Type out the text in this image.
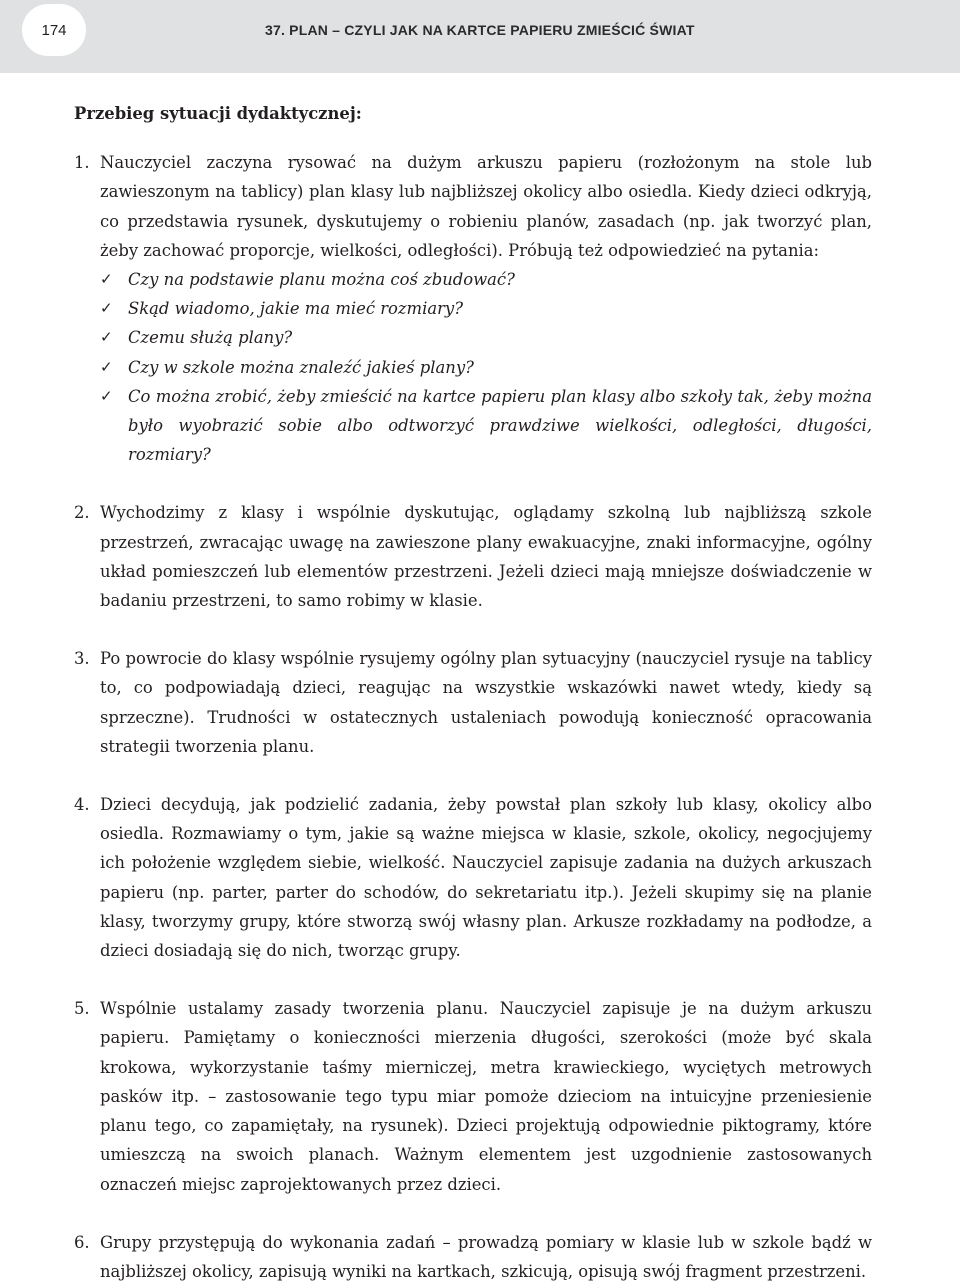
174	37. PLAN – CZYLI JAK NA KARTCE PAPIERU ZMIEŚCIĆ ŚWIAT
Przebieg sytuacji dydaktycznej:
1. Nauczyciel zaczyna rysować na dużym arkuszu papieru (rozłożonym na stole lub zawieszonym na tablicy) plan klasy lub najbliższej okolicy albo osiedla. Kiedy dzieci odkryją, co przedstawia rysunek, dyskutujemy o robieniu planów, zasadach (np. jak tworzyć plan, żeby zachować proporcje, wielkości, odległości). Próbują też odpowiedzieć na pytania:
✓ Czy na podstawie planu można coś zbudować?
✓ Skąd wiadomo, jakie ma mieć rozmiary?
✓ Czemu służą plany?
✓ Czy w szkole można znaleźć jakieś plany?
✓ Co można zrobić, żeby zmieścić na kartce papieru plan klasy albo szkoły tak, żeby można było wyobrazić sobie albo odtworzyć prawdziwe wielkości, odległości, długości, rozmiary?
2. Wychodzimy z klasy i wspólnie dyskutując, oglądamy szkolną lub najbliższą szkole przestrzeń, zwracając uwagę na zawieszone plany ewakuacyjne, znaki informacyjne, ogólny układ pomieszczeń lub elementów przestrzeni. Jeżeli dzieci mają mniejsze doświadczenie w badaniu przestrzeni, to samo robimy w klasie.
3. Po powrocie do klasy wspólnie rysujemy ogólny plan sytuacyjny (nauczyciel rysuje na tablicy to, co podpowiadają dzieci, reagując na wszystkie wskazówki nawet wtedy, kiedy są sprzeczne). Trudności w ostatecznych ustaleniach powodują konieczność opracowania strategii tworzenia planu.
4. Dzieci decydują, jak podzielić zadania, żeby powstał plan szkoły lub klasy, okolicy albo osiedla. Rozmawiamy o tym, jakie są ważne miejsca w klasie, szkole, okolicy, negocjujemy ich położenie względem siebie, wielkość. Nauczyciel zapisuje zadania na dużych arkuszach papieru (np. parter, parter do schodów, do sekretariatu itp.). Jeżeli skupimy się na planie klasy, tworzymy grupy, które stworzą swój własny plan. Arkusze rozkładamy na podłodze, a dzieci dosiadają się do nich, tworząc grupy.
5. Wspólnie ustalamy zasady tworzenia planu. Nauczyciel zapisuje je na dużym arkuszu papieru. Pamiętamy o konieczności mierzenia długości, szerokości (może być skala krokowa, wykorzystanie taśmy mierniczej, metra krawieckiego, wyciętych metrowych pasków itp. – zastosowanie tego typu miar pomoże dzieciom na intuicyjne przeniesienie planu tego, co zapamiętały, na rysunek). Dzieci projektują odpowiednie piktogramy, które umieszczą na swoich planach. Ważnym elementem jest uzgodnienie zastosowanych oznaczeń miejsc zaprojektowanych przez dzieci.
6. Grupy przystępują do wykonania zadań – prowadzą pomiary w klasie lub w szkole bądź w najbliższej okolicy, zapisują wyniki na kartkach, szkicują, opisują swój fragment przestrzeni.
